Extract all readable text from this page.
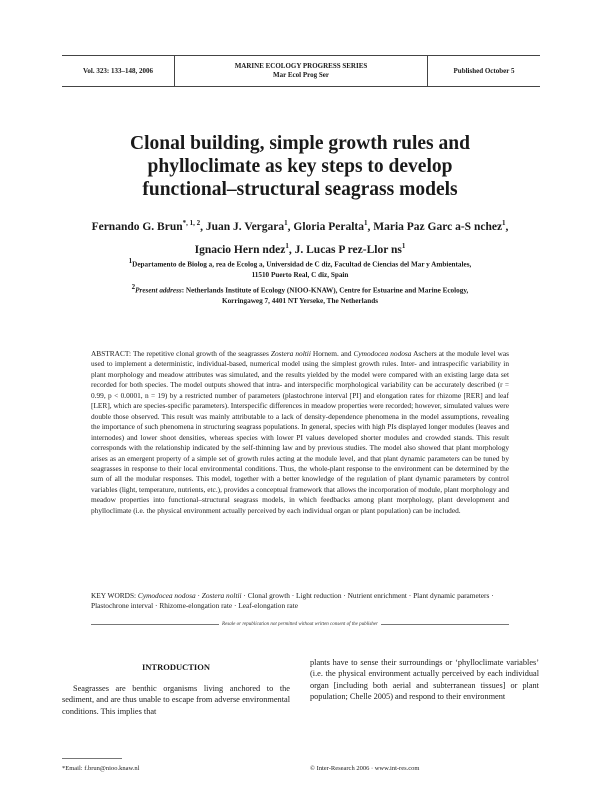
Vol. 323: 133–148, 2006
MARINE ECOLOGY PROGRESS SERIES
Mar Ecol Prog Ser	Published October 5
Clonal building, simple growth rules and
phylloclimate as key steps to develop
functional–structural seagrass models
Fernando G. Brun$^{*, 1, 2}$, Juan J. Vergara$^1$, Gloria Peralta$^1$, Maria Paz Garc a-S nchez$^1$,
Ignacio Hern ndez$^1$, J. Lucas P rez-Llor $ns^1$
$^1$Departamento de Biolog a, rea de Ecolog a, Universidad de C diz, Facultad de Ciencias del Mar y Ambientales,
11510 Puerto Real, C diz, Spain
$^2$Present address: Netherlands Institute of Ecology (NIOO-KNAW), Centre for Estuarine and Marine Ecology,
Korringaweg 7, 4401 NT Yerseke, The Netherlands
ABSTRACT: The repetitive clonal growth of the seagrasses Zostera noltii Hornem. and Cymodocea nodosa Aschers at the module level was used to implement a deterministic, individual-based, numerical model using the simplest growth rules. Inter- and intraspecific variability in plant morphology and meadow attributes was simulated, and the results yielded by the model were compared with an existing large data set recorded for both species. The model outputs showed that intra- and interspecific morphological variability can be accurately described (r = 0.99, p < 0.0001, n = 19) by a restricted number of parameters (plastochrone interval [PI] and elongation rates for rhizome [RER] and leaf [LER], which are species-specific parameters). Interspecific differences in meadow properties were recorded; however, simulated values were double those observed. This result was mainly attributable to a lack of density-dependence phenomena in the model assumptions, revealing the importance of such phenomena in structuring seagrass populations. In general, species with high PIs displayed longer modules (leaves and internodes) and lower shoot densities, whereas species with lower PI values developed shorter modules and crowded stands. This result corresponds with the relationship indicated by the self-thinning law and by previous studies. The model also showed that plant morphology arises as an emergent property of a simple set of growth rules acting at the module level, and that plant dynamic parameters can be tuned by seagrasses in response to their local environmental conditions. Thus, the whole-plant response to the environment can be determined by the sum of all the modular responses. This model, together with a better knowledge of the regulation of plant dynamic parameters by control variables (light, temperature, nutrients, etc.), provides a conceptual framework that allows the incorporation of module, plant morphology and meadow properties into functional–structural seagrass models, in which feedbacks among plant morphology, plant development and phylloclimate (i.e. the physical environment actually perceived by each individual organ or plant population) can be included.
KEY WORDS: Cymodocea nodosa · Zostera noltii · Clonal growth · Light reduction · Nutrient enrichment · Plant dynamic parameters · Plastochrone interval · Rhizome-elongation rate · Leaf-elongation rate
Resale or republication not permitted without written consent of the publisher
INTRODUCTION

Seagrasses are benthic organisms living anchored to the sediment, and are thus unable to escape from adverse environmental conditions. This implies that

plants have to sense their surroundings or ‘phylloclimate variables’ (i.e. the physical environment actually perceived by each individual organ [including both aerial and subterranean tissues] or plant population; Chelle 2005) and respond to their environment

*Email: f.brun@nioo.knaw.nl	© Inter-Research 2006 · www.int-res.com
